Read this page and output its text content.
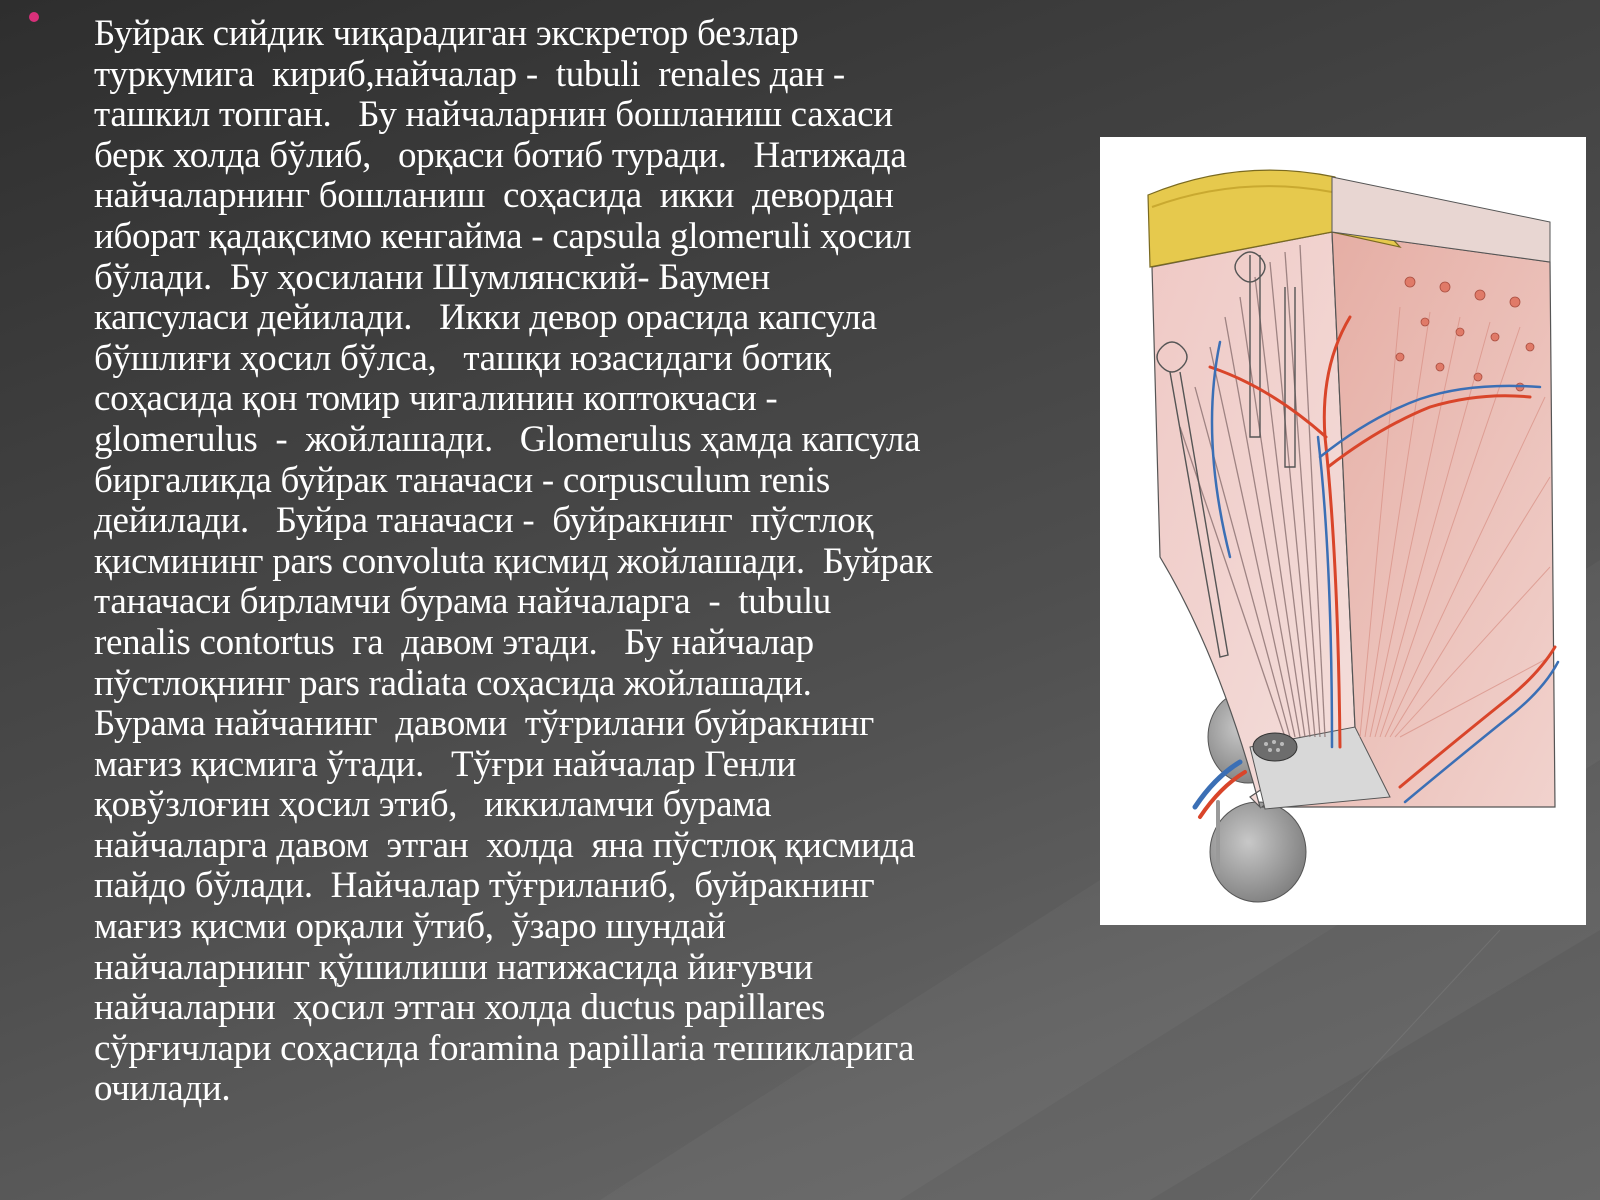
Буйрак сийдик чиқарадиган экскретор безлар
туркумига  кириб,найчалар -  tubuli  renales дан -
ташкил топган.   Бу найчаларнин бошланиш сахаси
берк холда бўлиб,   орқаси ботиб туради.   Натижада
найчаларнинг бошланиш  соҳасида  икки  девордан
иборат қадақсимо кенгайма - capsula glomeruli ҳосил
бўлади.  Бу ҳосилани Шумлянский- Баумен
капсуласи дейилади.   Икки девор орасида капсула
бўшлиғи ҳосил бўлса,   ташқи юзасидаги ботиқ
соҳасида қон томир чигалинин коптокчаси -
glomerulus  -  жойлашади.   Glomerulus ҳамда капсула
биргаликда буйрак таначаси - corpusculum renis
дейилади.   Буйра таначаси -  буйракнинг  пўстлоқ
қисмининг pars convoluta қисмид жойлашади.  Буйрак
таначаси бирламчи бурама найчаларга  -  tubulu
renalis contortus  га  давом этади.   Бу найчалар
пўстлоқнинг pars radiata соҳасида жойлашади.
Бурама найчанинг  давоми  тўғрилани буйракнинг
мағиз қисмига ўтади.   Тўғри найчалар Генли
қовўзлоғин ҳосил этиб,   иккиламчи бурама
найчаларга давом  этган  холда  яна пўстлоқ қисмида
пайдо бўлади.  Найчалар тўғриланиб,  буйракнинг
мағиз қисми орқали ўтиб,  ўзаро шундай
найчаларнинг қўшилиши натижасида йиғувчи
найчаларни  ҳосил этган холда ductus papillares
сўрғичлари соҳасида foramina papillaria тешикларига
очилади.
